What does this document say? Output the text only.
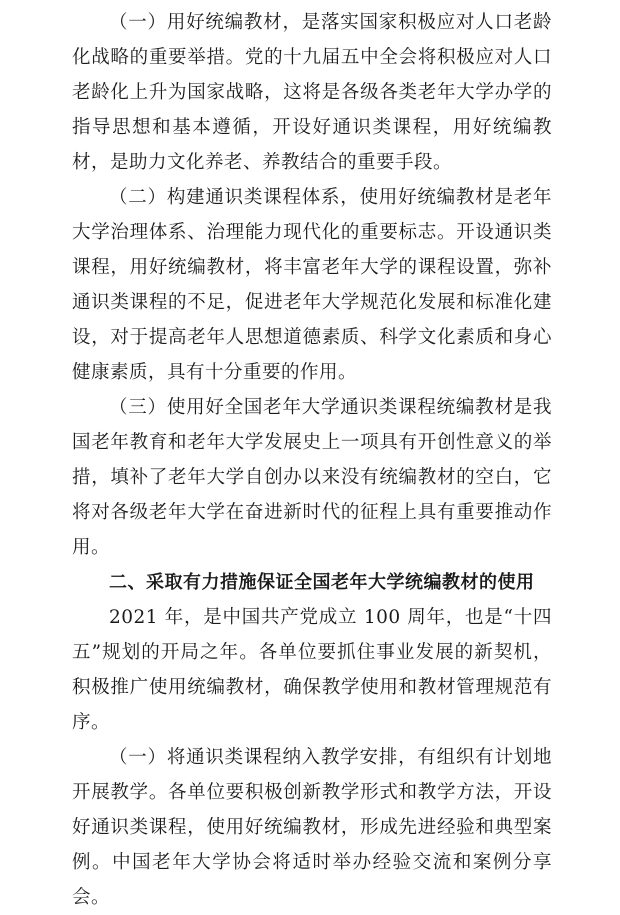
（一）用好统编教材，是落实国家积极应对人口老龄化战略的重要举措。党的十九届五中全会将积极应对人口老龄化上升为国家战略，这将是各级各类老年大学办学的指导思想和基本遵循，开设好通识类课程，用好统编教材，是助力文化养老、养教结合的重要手段。

（二）构建通识类课程体系，使用好统编教材是老年大学治理体系、治理能力现代化的重要标志。开设通识类课程，用好统编教材，将丰富老年大学的课程设置，弥补通识类课程的不足，促进老年大学规范化发展和标准化建设，对于提高老年人思想道德素质、科学文化素质和身心健康素质，具有十分重要的作用。

（三）使用好全国老年大学通识类课程统编教材是我国老年教育和老年大学发展史上一项具有开创性意义的举措，填补了老年大学自创办以来没有统编教材的空白，它将对各级老年大学在奋进新时代的征程上具有重要推动作用。

二、采取有力措施保证全国老年大学统编教材的使用

2021 年，是中国共产党成立 100 周年，也是“十四五”规划的开局之年。各单位要抓住事业发展的新契机，积极推广使用统编教材，确保教学使用和教材管理规范有序。

（一）将通识类课程纳入教学安排，有组织有计划地开展教学。各单位要积极创新教学形式和教学方法，开设好通识类课程，使用好统编教材，形成先进经验和典型案例。中国老年大学协会将适时举办经验交流和案例分享会。
